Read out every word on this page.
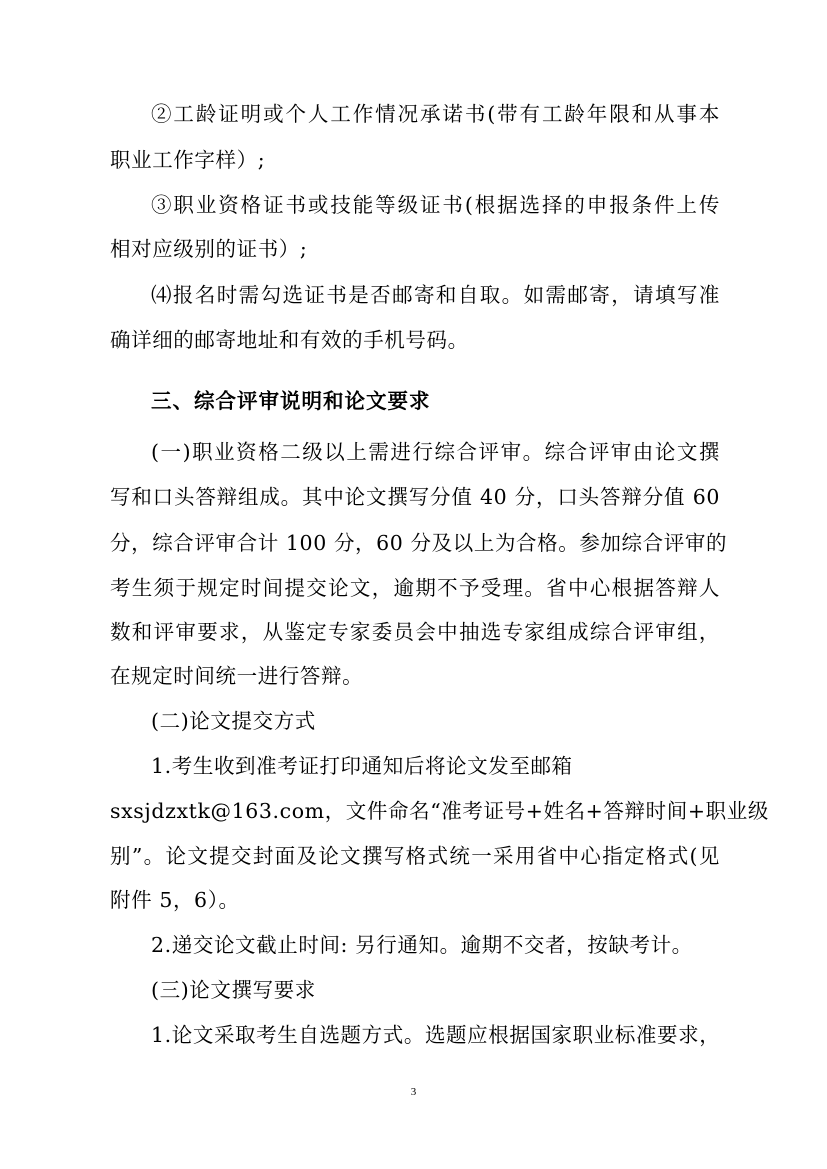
②工龄证明或个人工作情况承诺书(带有工龄年限和从事本
职业工作字样）;
③职业资格证书或技能等级证书(根据选择的申报条件上传
相对应级别的证书）;
⑷报名时需勾选证书是否邮寄和自取。如需邮寄，请填写准
确详细的邮寄地址和有效的手机号码。
三、综合评审说明和论文要求
(一)职业资格二级以上需进行综合评审。综合评审由论文撰
写和口头答辩组成。其中论文撰写分值 40 分，口头答辩分值 60
分，综合评审合计 100 分，60 分及以上为合格。参加综合评审的
考生须于规定时间提交论文，逾期不予受理。省中心根据答辩人
数和评审要求，从鉴定专家委员会中抽选专家组成综合评审组，
在规定时间统一进行答辩。
(二)论文提交方式
1.考生收到准考证打印通知后将论文发至邮箱
sxsjdzxtk@163.com，文件命名“准考证号+姓名+答辩时间+职业级
别”。论文提交封面及论文撰写格式统一采用省中心指定格式(见
附件 5，6）。
2.递交论文截止时间: 另行通知。逾期不交者，按缺考计。
(三)论文撰写要求
1.论文采取考生自选题方式。选题应根据国家职业标准要求，
3
